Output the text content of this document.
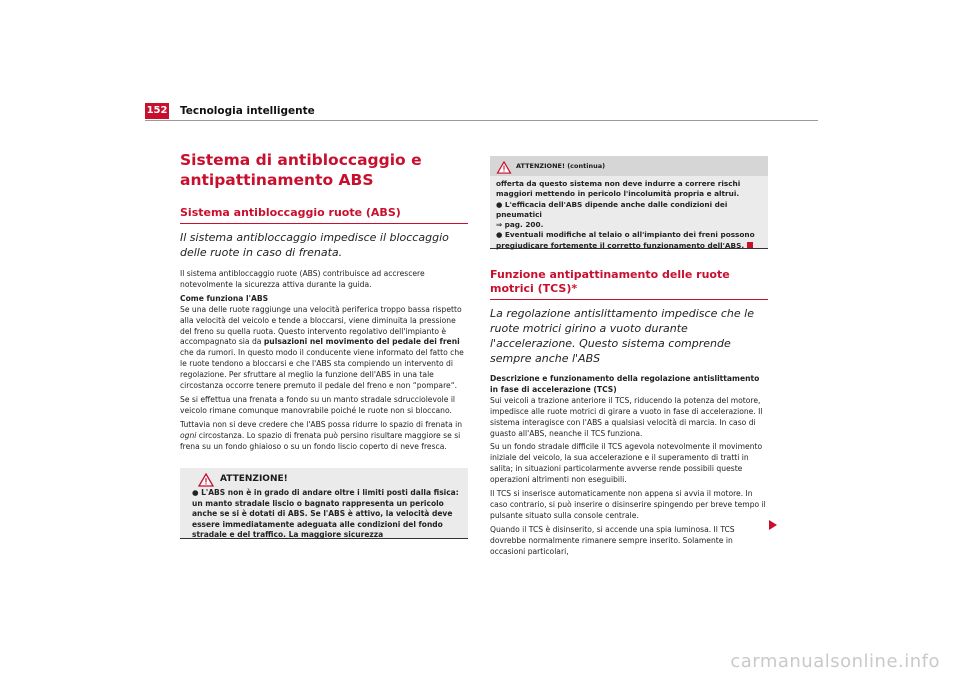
152 Tecnologia intelligente
Sistema di antibloccaggio e antipattinamento ABS
Sistema antibloccaggio ruote (ABS)
Il sistema antibloccaggio impedisce il bloccaggio delle ruote in caso di frenata.

Il sistema antibloccaggio ruote (ABS) contribuisce ad accrescere notevolmente la sicurezza attiva durante la guida.

Come funziona l'ABS

Se una delle ruote raggiunge una velocità periferica troppo bassa rispetto alla velocità del veicolo e tende a bloccarsi, viene diminuita la pressione del freno su quella ruota. Questo intervento regolativo dell'impianto è accompagnato sia da pulsazioni nel movimento del pedale dei freni che da rumori. In questo modo il conducente viene informato del fatto che le ruote tendono a bloccarsi e che l'ABS sta compiendo un intervento di regolazione. Per sfruttare al meglio la funzione dell'ABS in una tale circostanza occorre tenere premuto il pedale del freno e non “pompare“.

Se si effettua una frenata a fondo su un manto stradale sdrucciolevole il veicolo rimane comunque manovrabile poiché le ruote non si bloccano.

Tuttavia non si deve credere che l'ABS possa ridurre lo spazio di frenata in ogni circostanza. Lo spazio di frenata può persino risultare maggiore se si frena su un fondo ghiaioso o su un fondo liscio coperto di neve fresca.

ATTENZIONE!
● L'ABS non è in grado di andare oltre i limiti posti dalla fisica: un manto stradale liscio o bagnato rappresenta un pericolo anche se si è dotati di ABS. Se l'ABS è attivo, la velocità deve essere immediatamente adeguata alle condizioni del fondo stradale e del traffico. La maggiore sicurezza
ATTENZIONE! (continua)
offerta da questo sistema non deve indurre a correre rischi maggiori mettendo in pericolo l'incolumità propria e altrui.
● L'efficacia dell'ABS dipende anche dalle condizioni dei pneumatici
⇒ pag. 200.
● Eventuali modifiche al telaio o all'impianto dei freni possono pregiudicare fortemente il corretto funzionamento dell'ABS.
Funzione antipattinamento delle ruote motrici (TCS)*
La regolazione antislittamento impedisce che le ruote motrici girino a vuoto durante l'accelerazione. Questo sistema comprende sempre anche l'ABS

Descrizione e funzionamento della regolazione antislittamento in fase di accelerazione (TCS)

Sui veicoli a trazione anteriore il TCS, riducendo la potenza del motore, impedisce alle ruote motrici di girare a vuoto in fase di accelerazione. Il sistema interagisce con l'ABS a qualsiasi velocità di marcia. In caso di guasto all'ABS, neanche il TCS funziona.

Su un fondo stradale difficile il TCS agevola notevolmente il movimento iniziale del veicolo, la sua accelerazione e il superamento di tratti in salita; in situazioni particolarmente avverse rende possibili queste operazioni altrimenti non eseguibili.

Il TCS si inserisce automaticamente non appena si avvia il motore. In caso contrario, si può inserire o disinserire spingendo per breve tempo il pulsante situato sulla console centrale.

Quando il TCS è disinserito, si accende una spia luminosa. Il TCS dovrebbe normalmente rimanere sempre inserito. Solamente in occasioni particolari,

carmanualsonline.info
